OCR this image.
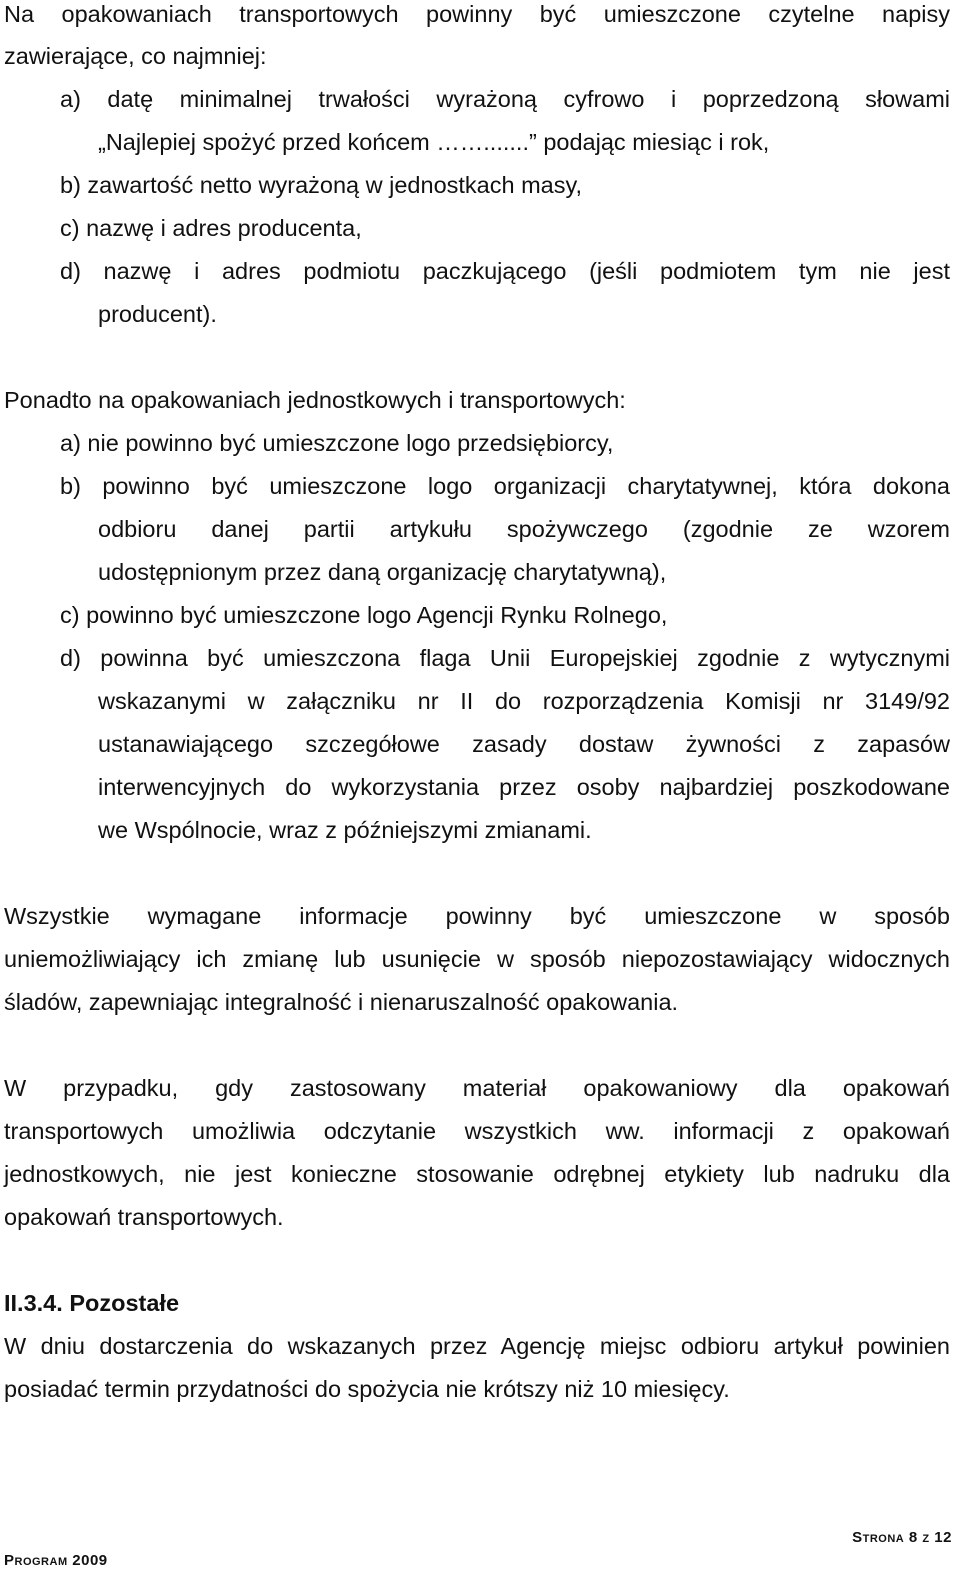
Na opakowaniach transportowych powinny być umieszczone czytelne napisy

zawierające, co najmniej:

a) datę minimalnej trwałości wyrażoną cyfrowo i poprzedzoną słowami

„Najlepiej spożyć przed końcem …….......” podając miesiąc i rok,

b) zawartość netto wyrażoną w jednostkach masy,

c) nazwę i adres producenta,

d) nazwę i adres podmiotu paczkującego (jeśli podmiotem tym nie jest

producent).

Ponadto na opakowaniach jednostkowych i transportowych:

a) nie powinno być umieszczone logo przedsiębiorcy,

b) powinno być umieszczone logo organizacji charytatywnej, która dokona

odbioru danej partii artykułu spożywczego (zgodnie ze wzorem

udostępnionym przez daną organizację charytatywną),

c) powinno być umieszczone logo Agencji Rynku Rolnego,

d) powinna być umieszczona flaga Unii Europejskiej zgodnie z wytycznymi

wskazanymi w załączniku nr II do rozporządzenia Komisji nr 3149/92

ustanawiającego szczegółowe zasady dostaw żywności z zapasów

interwencyjnych do wykorzystania przez osoby najbardziej poszkodowane

we Wspólnocie, wraz z późniejszymi zmianami.

Wszystkie wymagane informacje powinny być umieszczone w sposób

uniemożliwiający ich zmianę lub usunięcie w sposób niepozostawiający widocznych

śladów, zapewniając integralność i nienaruszalność opakowania.

W przypadku, gdy zastosowany materiał opakowaniowy dla opakowań

transportowych umożliwia odczytanie wszystkich ww. informacji z opakowań

jednostkowych, nie jest konieczne stosowanie odrębnej etykiety lub nadruku dla

opakowań transportowych.

II.3.4. Pozostałe

W dniu dostarczenia do wskazanych przez Agencję miejsc odbioru artykuł powinien

posiadać termin przydatności do spożycia nie krótszy niż 10 miesięcy.

Strona 8 z 12
Program 2009
